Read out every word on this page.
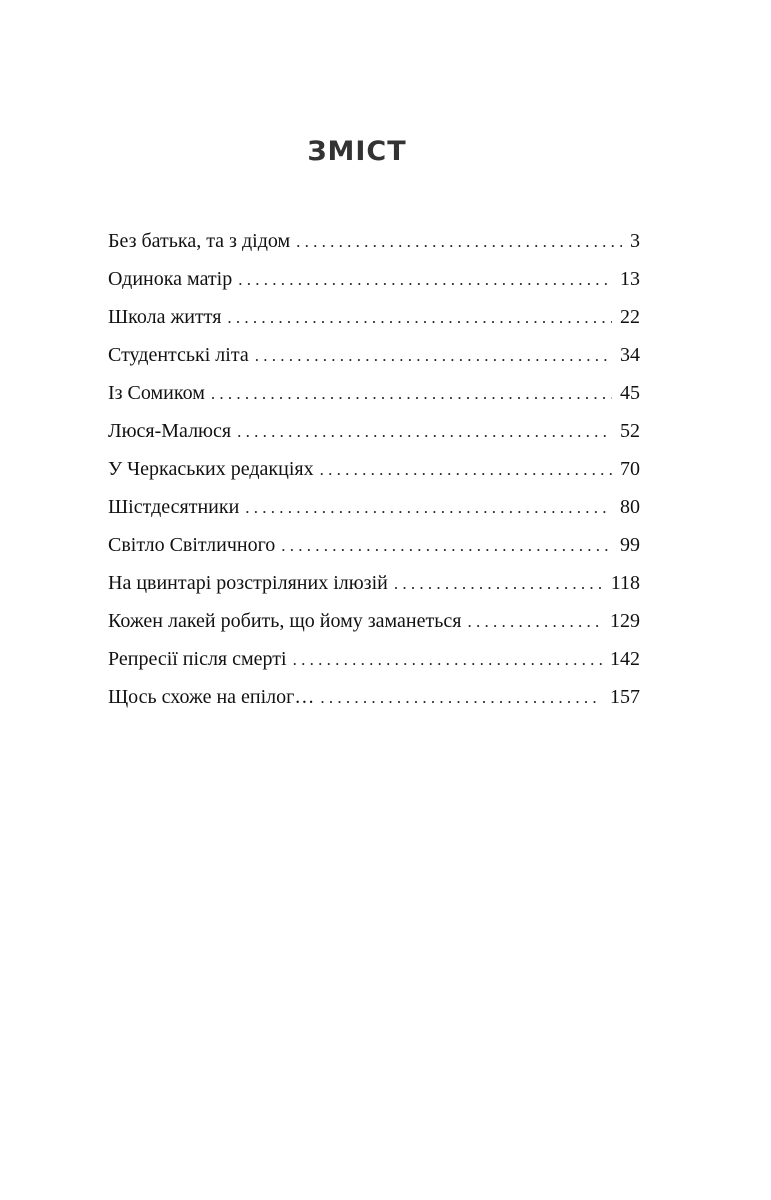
ЗМІСТ
Без батька, та з дідом . . .	3
Одинока матір . . .	13
Школа життя . . .	22
Студентські літа . . .	34
Із Сомиком . . .	45
Люся-Малюся . . .	52
У Черкаських редакціях . . .	70
Шістдесятники . . .	80
Світло Світличного . . .	99
На цвинтарі розстріляних ілюзій . . .	118
Кожен лакей робить, що йому заманеться . . .	129
Репресії після смерті . . .	142
Щось схоже на епілог… . . .	157
